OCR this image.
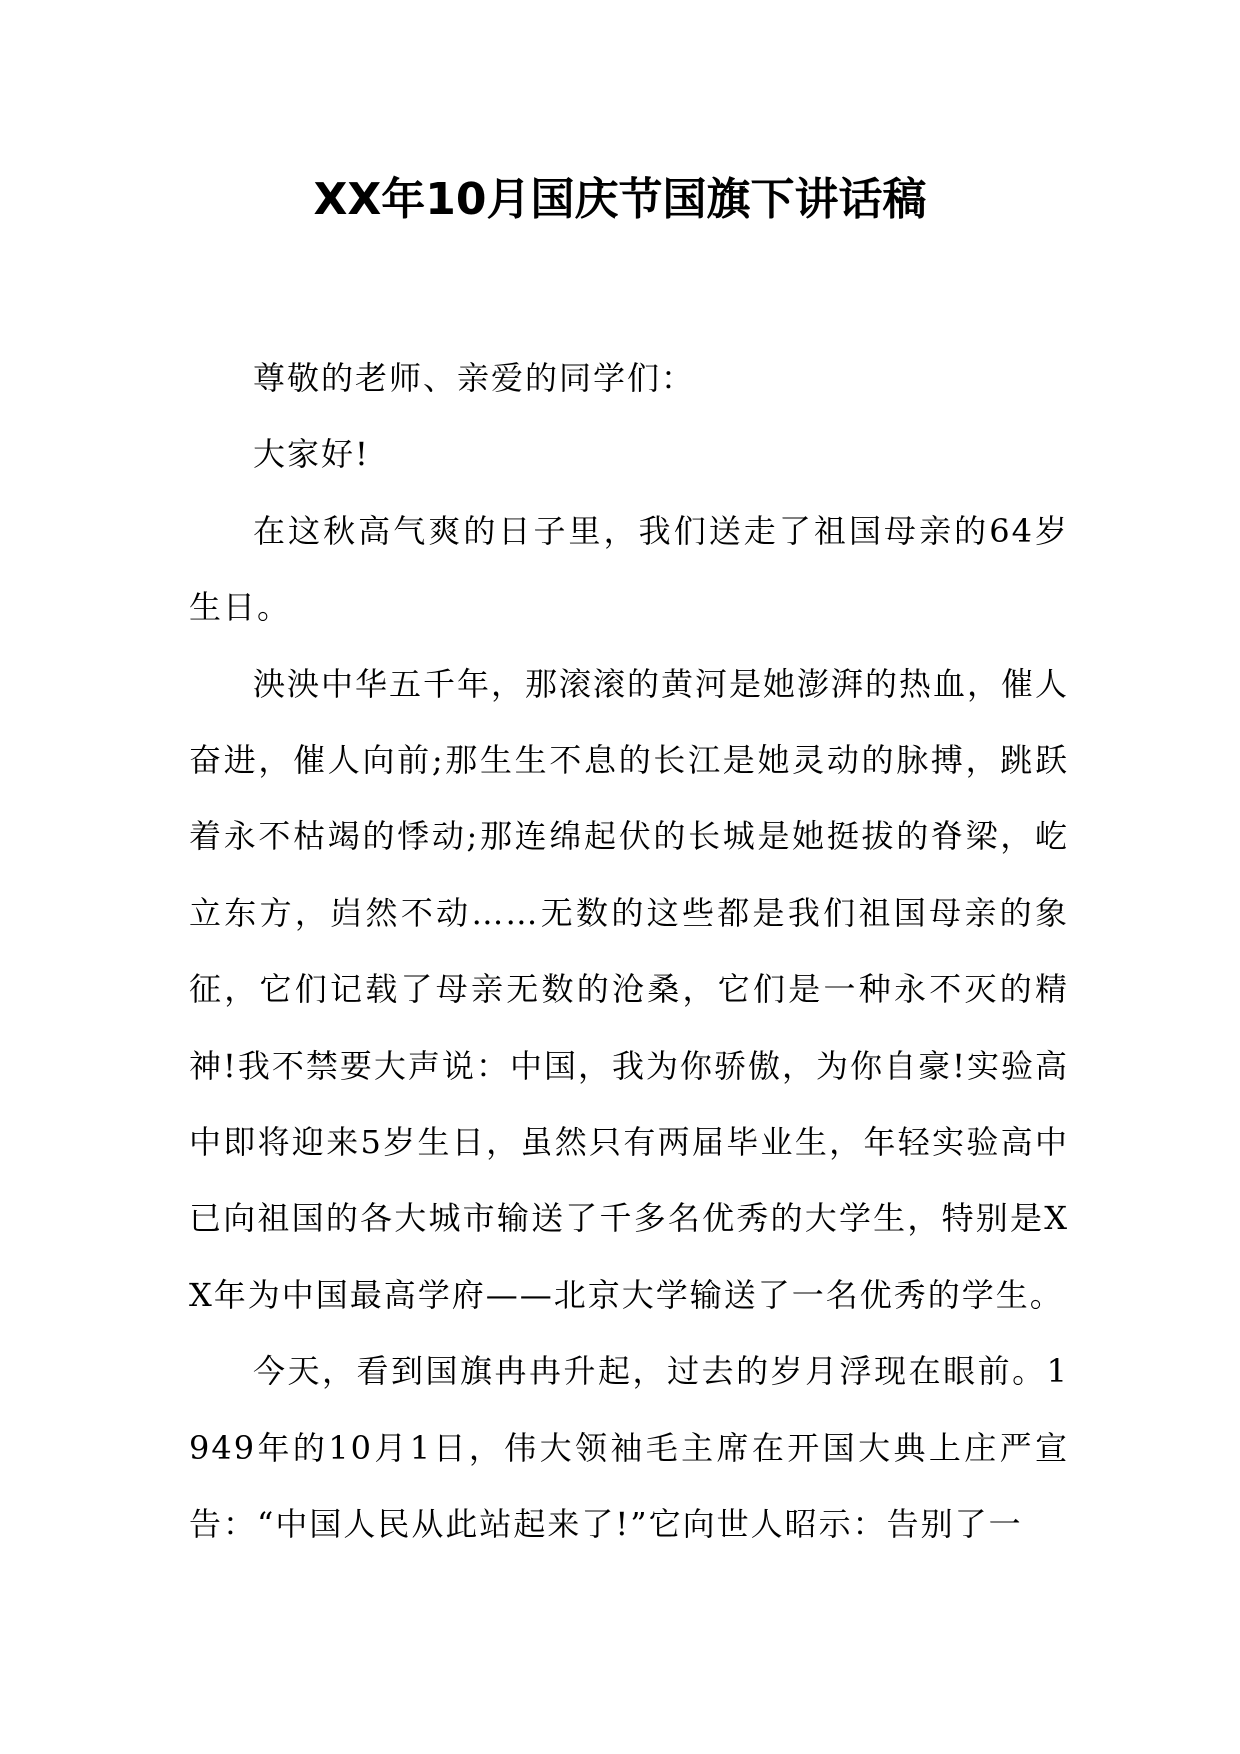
XX年10月国庆节国旗下讲话稿

尊敬的老师、亲爱的同学们：

大家好!

在这秋高气爽的日子里，我们送走了祖国母亲的64岁生日。

泱泱中华五千年，那滚滚的黄河是她澎湃的热血，催人奋进，催人向前;那生生不息的长江是她灵动的脉搏，跳跃着永不枯竭的悸动;那连绵起伏的长城是她挺拔的脊梁，屹立东方，岿然不动……无数的这些都是我们祖国母亲的象征，它们记载了母亲无数的沧桑，它们是一种永不灭的精神!我不禁要大声说：中国，我为你骄傲，为你自豪!实验高中即将迎来5岁生日，虽然只有两届毕业生，年轻实验高中已向祖国的各大城市输送了千多名优秀的大学生，特别是XX年为中国最高学府——北京大学输送了一名优秀的学生。

今天，看到国旗冉冉升起，过去的岁月浮现在眼前。1949年的10月1日，伟大领袖毛主席在开国大典上庄严宣告：“中国人民从此站起来了!”它向世人昭示：告别了一
